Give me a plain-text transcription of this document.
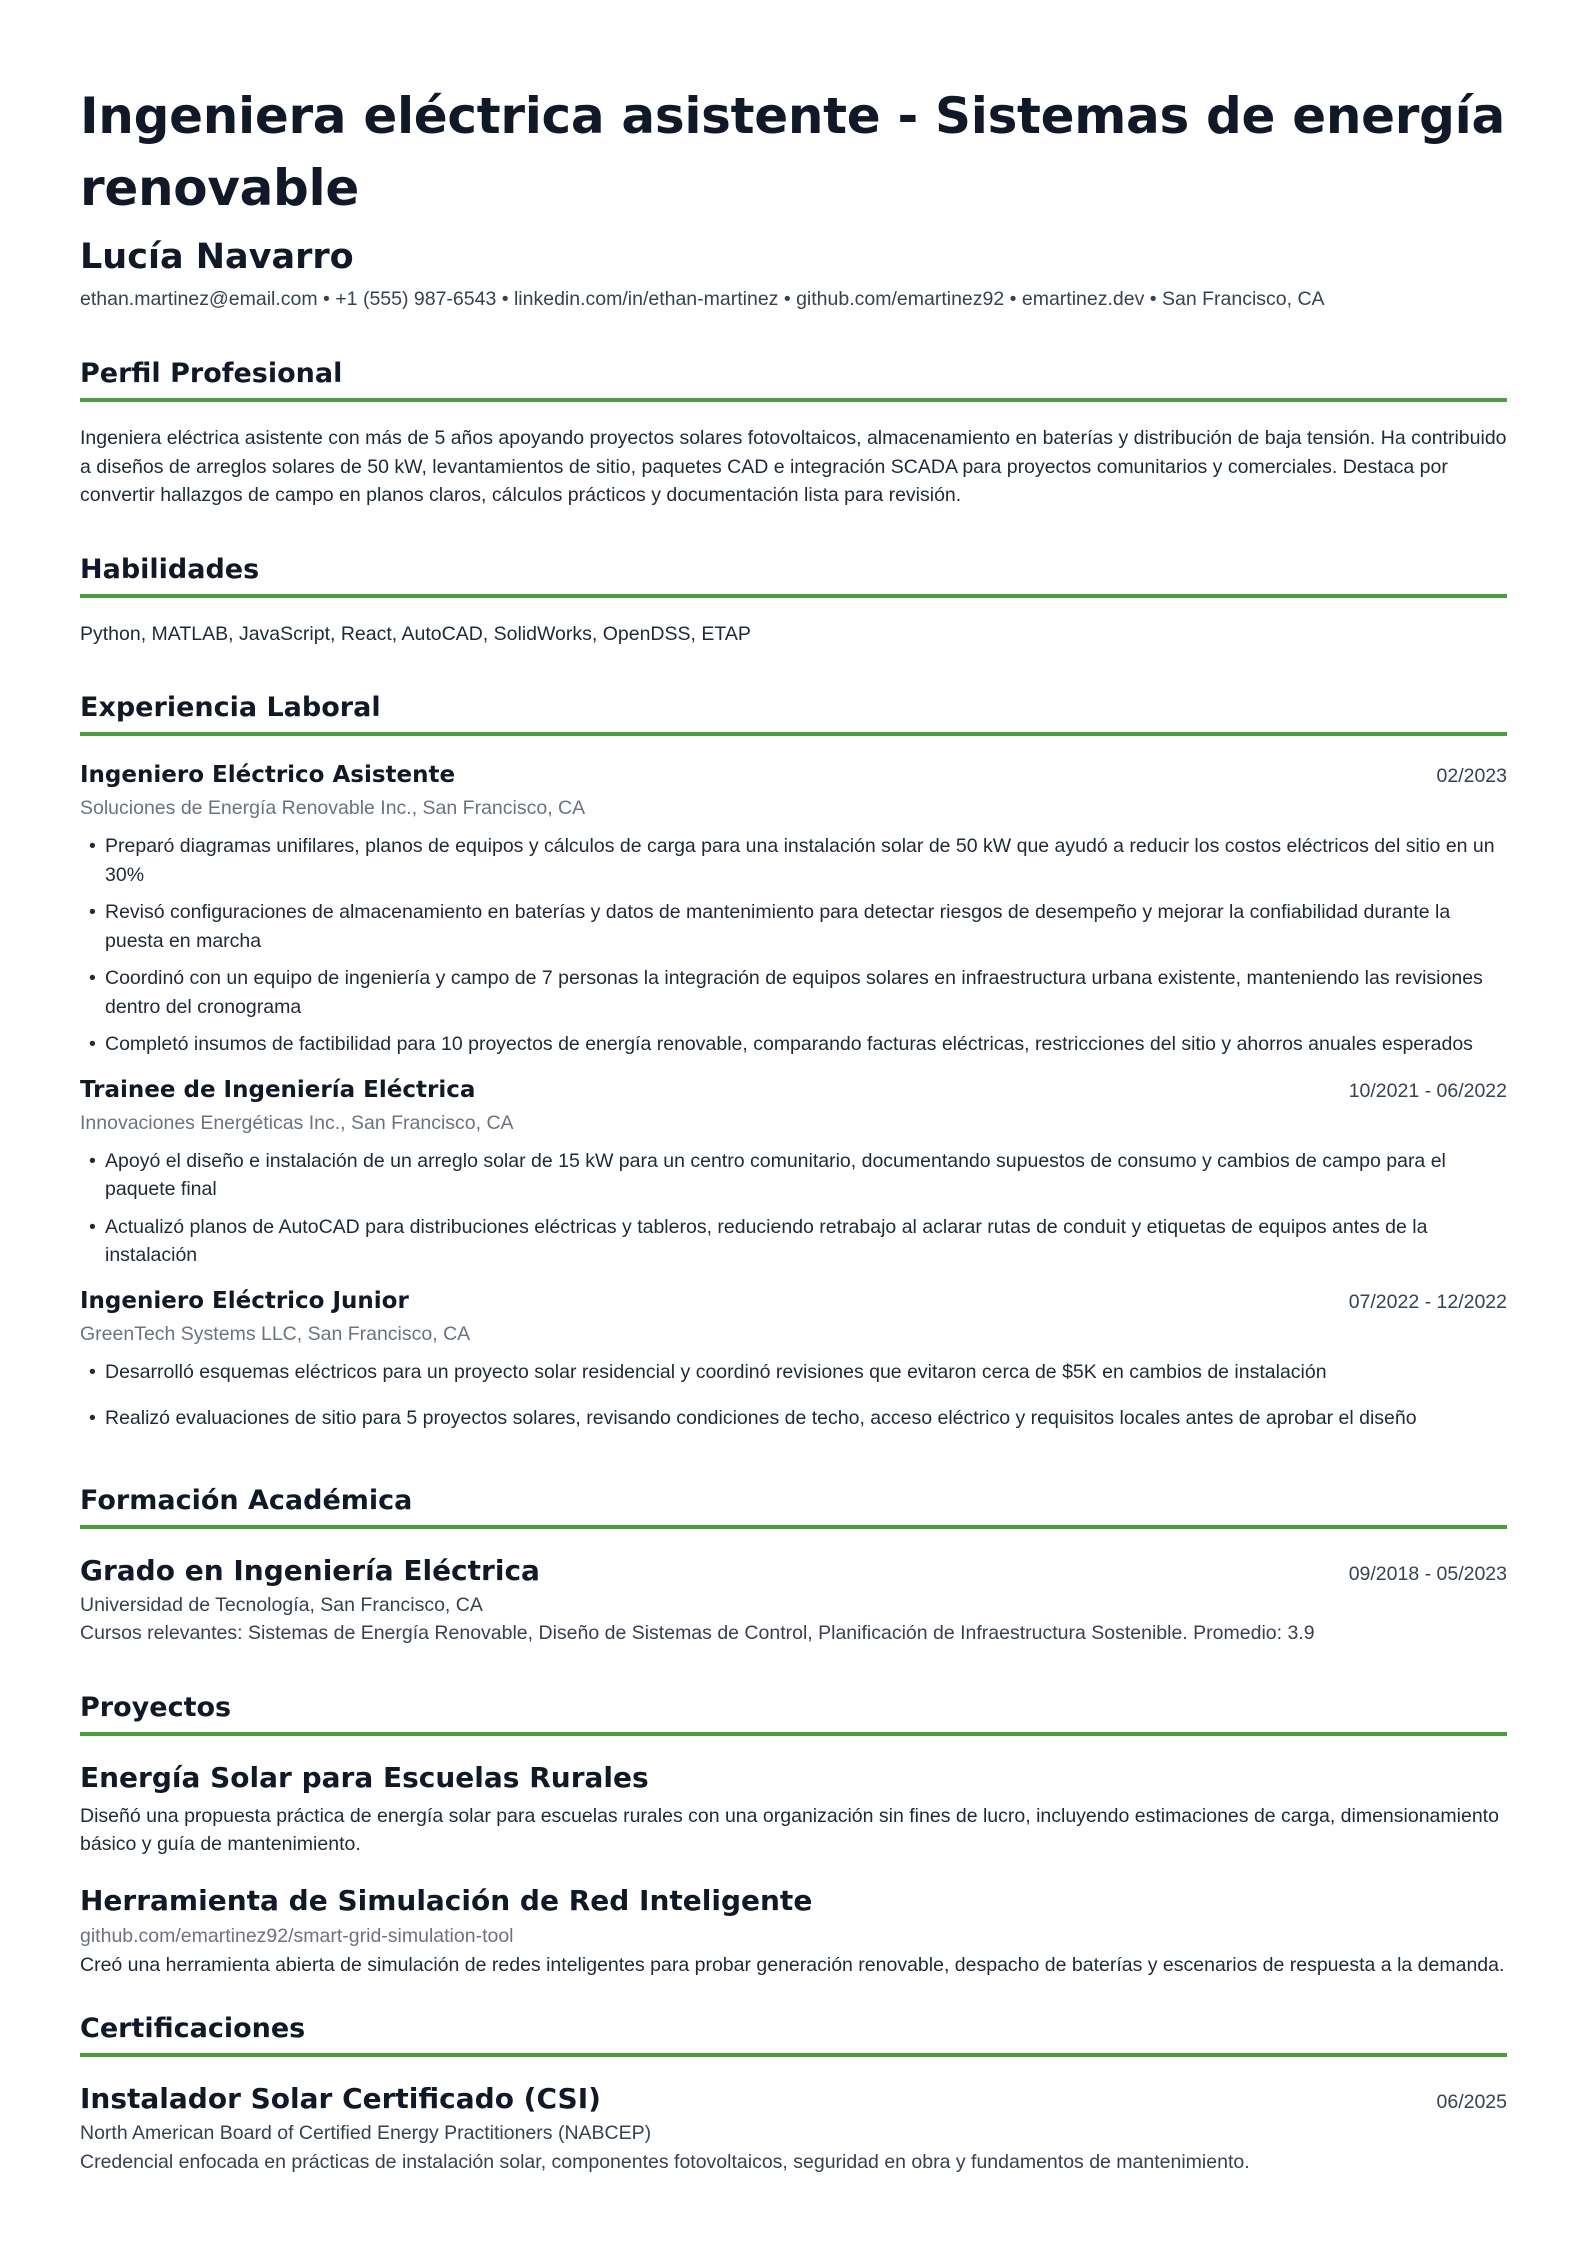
Ingeniera eléctrica asistente - Sistemas de energía renovable
Lucía Navarro
ethan.martinez@email.com • +1 (555) 987-6543 • linkedin.com/in/ethan-martinez • github.com/emartinez92 • emartinez.dev • San Francisco, CA
Perfil Profesional

Ingeniera eléctrica asistente con más de 5 años apoyando proyectos solares fotovoltaicos, almacenamiento en baterías y distribución de baja tensión. Ha contribuido a diseños de arreglos solares de 50 kW, levantamientos de sitio, paquetes CAD e integración SCADA para proyectos comunitarios y comerciales. Destaca por convertir hallazgos de campo en planos claros, cálculos prácticos y documentación lista para revisión.

Habilidades

Python, MATLAB, JavaScript, React, AutoCAD, SolidWorks, OpenDSS, ETAP

Experiencia Laboral
Ingeniero Eléctrico Asistente	02/2023
Soluciones de Energía Renovable Inc., San Francisco, CA
• Preparó diagramas unifilares, planos de equipos y cálculos de carga para una instalación solar de 50 kW que ayudó a reducir los costos eléctricos del sitio en un 30%
• Revisó configuraciones de almacenamiento en baterías y datos de mantenimiento para detectar riesgos de desempeño y mejorar la confiabilidad durante la puesta en marcha
• Coordinó con un equipo de ingeniería y campo de 7 personas la integración de equipos solares en infraestructura urbana existente, manteniendo las revisiones dentro del cronograma
• Completó insumos de factibilidad para 10 proyectos de energía renovable, comparando facturas eléctricas, restricciones del sitio y ahorros anuales esperados
Trainee de Ingeniería Eléctrica	10/2021 - 06/2022
Innovaciones Energéticas Inc., San Francisco, CA
• Apoyó el diseño e instalación de un arreglo solar de 15 kW para un centro comunitario, documentando supuestos de consumo y cambios de campo para el paquete final
• Actualizó planos de AutoCAD para distribuciones eléctricas y tableros, reduciendo retrabajo al aclarar rutas de conduit y etiquetas de equipos antes de la instalación
Ingeniero Eléctrico Junior	07/2022 - 12/2022
GreenTech Systems LLC, San Francisco, CA
• Desarrolló esquemas eléctricos para un proyecto solar residencial y coordinó revisiones que evitaron cerca de $5K en cambios de instalación
• Realizó evaluaciones de sitio para 5 proyectos solares, revisando condiciones de techo, acceso eléctrico y requisitos locales antes de aprobar el diseño
Formación Académica
Grado en Ingeniería Eléctrica	09/2018 - 05/2023
Universidad de Tecnología, San Francisco, CA
Cursos relevantes: Sistemas de Energía Renovable, Diseño de Sistemas de Control, Planificación de Infraestructura Sostenible. Promedio: 3.9
Proyectos
Energía Solar para Escuelas Rurales

Diseñó una propuesta práctica de energía solar para escuelas rurales con una organización sin fines de lucro, incluyendo estimaciones de carga, dimensionamiento básico y guía de mantenimiento.

Herramienta de Simulación de Red Inteligente
github.com/emartinez92/smart-grid-simulation-tool

Creó una herramienta abierta de simulación de redes inteligentes para probar generación renovable, despacho de baterías y escenarios de respuesta a la demanda.

Certificaciones
Instalador Solar Certificado (CSI)	06/2025
North American Board of Certified Energy Practitioners (NABCEP)
Credencial enfocada en prácticas de instalación solar, componentes fotovoltaicos, seguridad en obra y fundamentos de mantenimiento.
